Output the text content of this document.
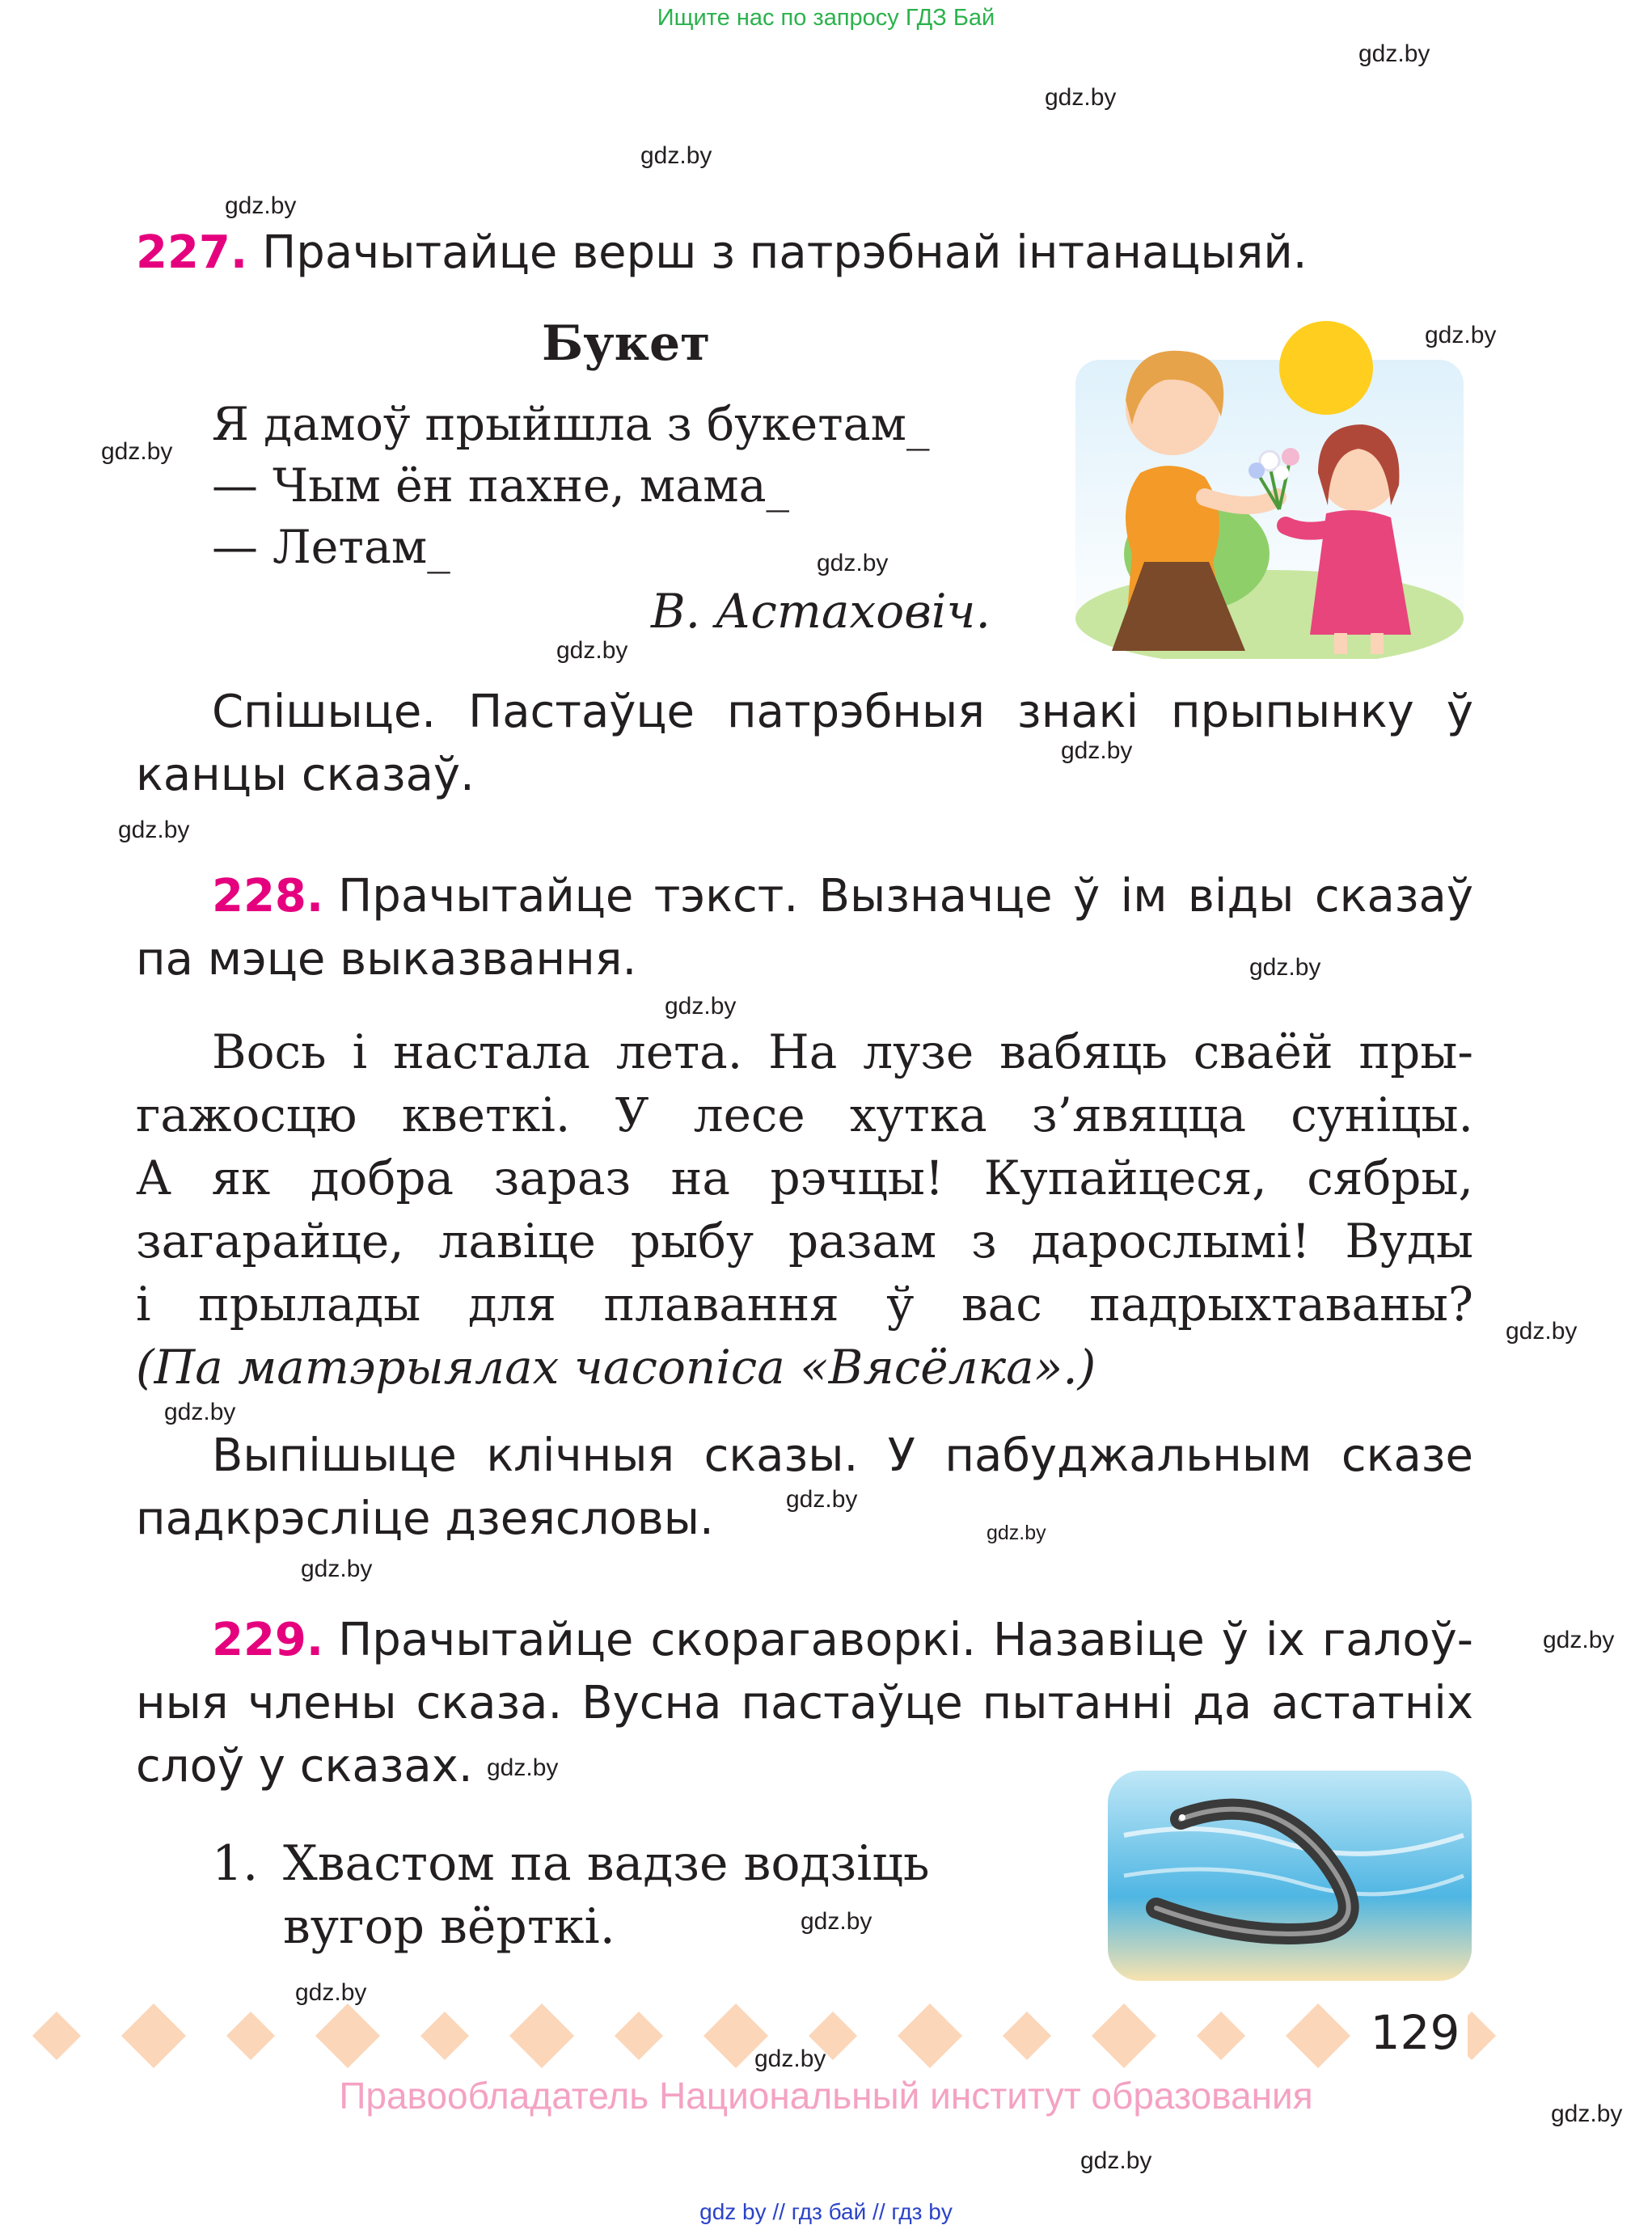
Ищите нас по запросу ГДЗ Бай
gdz.by
gdz.by
gdz.by
gdz.by
gdz.by
gdz.by
gdz.by
gdz.by
gdz.by
gdz.by
gdz.by
gdz.by
gdz.by
gdz.by
gdz.by
gdz.by
gdz.by
gdz.by
gdz.by
gdz.by
gdz.by
gdz.by
gdz.by
gdz.by
227. Прачытайце верш з патрэбнай інтанацыяй.
Букет
Я дамоў прыйшла з букетам_
— Чым ён пахне, мама_
— Летам_
В. Астаховіч.
Спішыце. Пастаўце патрэбныя знакі прыпынку ў
канцы сказаў.
228. Прачытайце тэкст. Вызначце ў ім віды сказаў
па мэце выказвання.
Вось і настала лета. На лузе вабяць сваёй пры-
гажосцю кветкі. У лесе хутка з’явяцца суніцы.
А як добра зараз на рэчцы! Купайцеся, сябры,
загарайце, лавіце рыбу разам з дарослымі! Вуды
і прылады для плавання ў вас падрыхтаваны?
(Па матэрыялах часопіса «Вясёлка».)
Выпішыце клічныя сказы. У пабуджальным сказе
падкрэсліце дзеясловы.
229. Прачытайце скорагаворкі. Назавіце ў іх галоў-
ныя члены сказа. Вусна пастаўце пытанні да астатніх
слоў у сказах.
1. Хвастом па вадзе водзіць
вугор вёрткі.
129
Правообладатель Национальный институт образования
gdz by // гдз бай // гдз by
